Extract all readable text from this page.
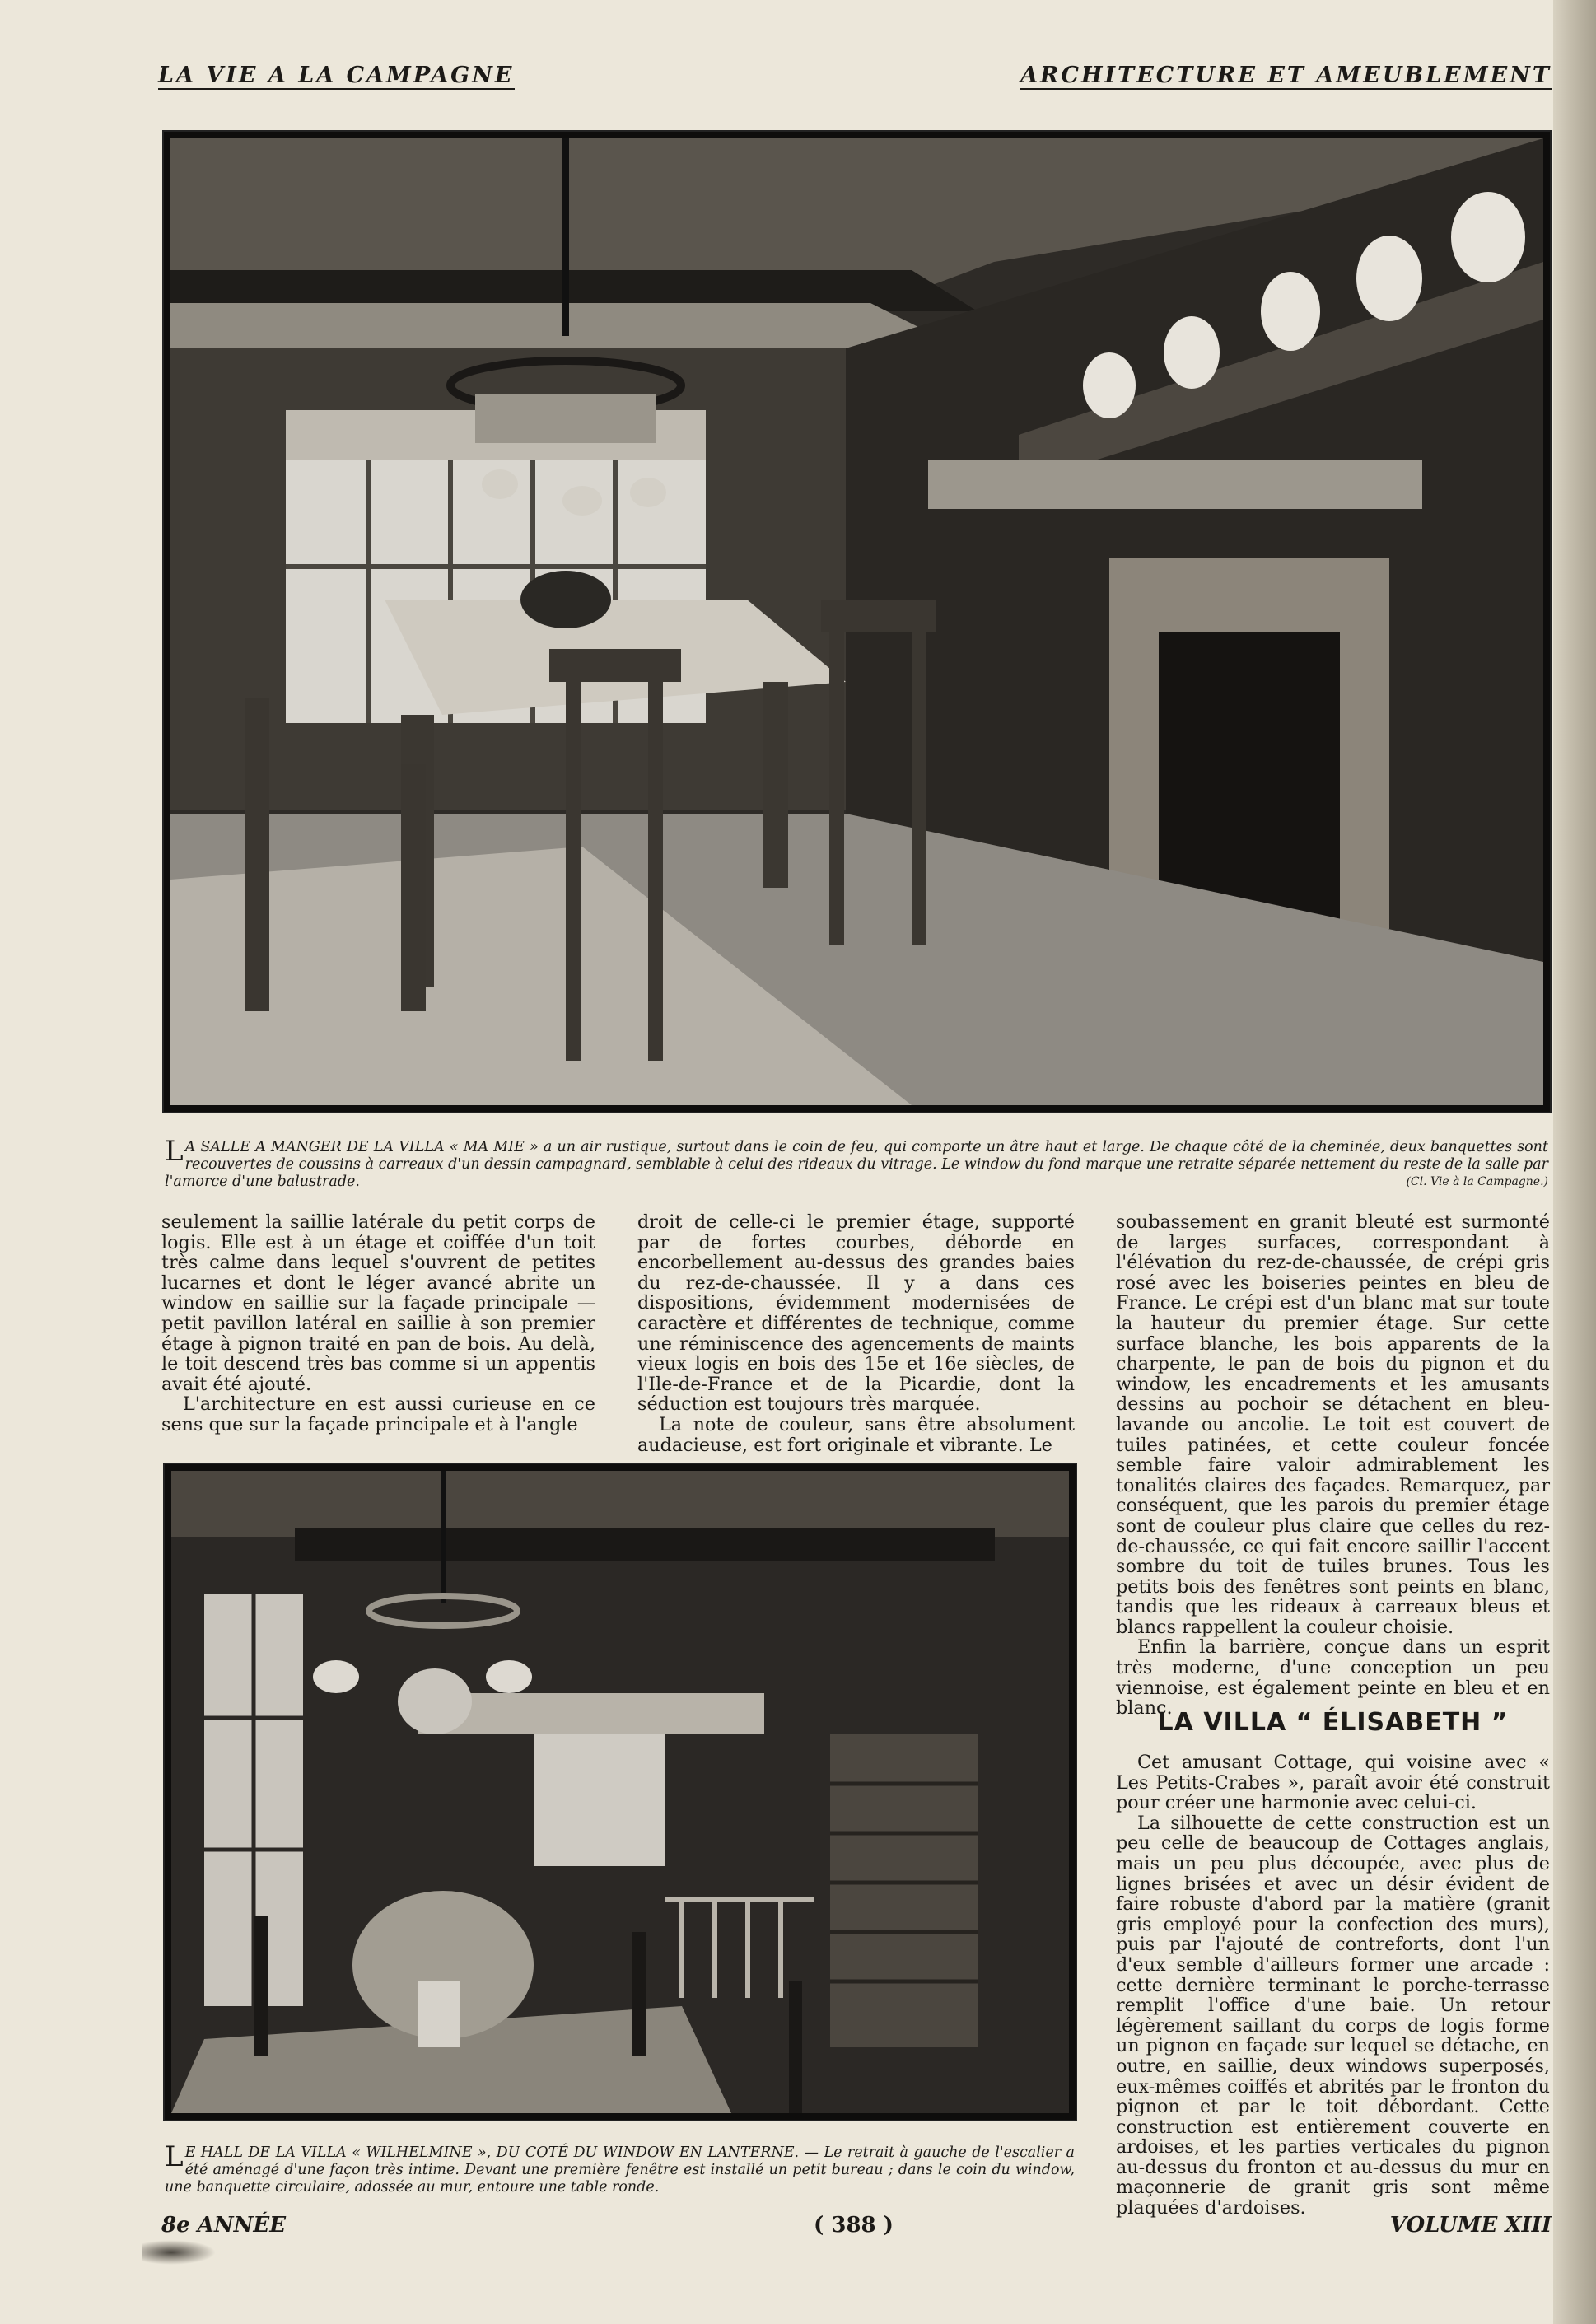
LA VIE A LA CAMPAGNE	ARCHITECTURE ET AMEUBLEMENT
L A SALLE A MANGER DE LA VILLA « MA MIE » a un air rustique, surtout dans le coin de feu, qui comporte un âtre haut et large. De chaque côté de la cheminée, deux banquettes sont recouvertes de coussins à carreaux d'un dessin campagnard, semblable à celui des rideaux du vitrage. Le window du fond marque une retraite séparée nettement du reste de la salle par l'amorce d'une balustrade.	(Cl. Vie à la Campagne.)

seulement la saillie latérale du petit corps de logis. Elle est à un étage et coiffée d'un toit très calme dans lequel s'ouvrent de petites lucarnes et dont le léger avancé abrite un window en saillie sur la façade principale — petit pavillon latéral en saillie à son premier étage à pignon traité en pan de bois. Au delà, le toit descend très bas comme si un appentis avait été ajouté.

L'architecture en est aussi curieuse en ce sens que sur la façade principale et à l'angle

droit de celle-ci le premier étage, supporté par de fortes courbes, déborde en encorbellement au-dessus des grandes baies du rez-de-chaussée. Il y a dans ces dispositions, évidemment modernisées de caractère et différentes de technique, comme une réminiscence des agencements de maints vieux logis en bois des 15e et 16e siècles, de l'Ile-de-France et de la Picardie, dont la séduction est toujours très marquée.

La note de couleur, sans être absolument audacieuse, est fort originale et vibrante. Le

soubassement en granit bleuté est surmonté de larges surfaces, correspondant à l'élévation du rez-de-chaussée, de crépi gris rosé avec les boiseries peintes en bleu de France. Le crépi est d'un blanc mat sur toute la hauteur du premier étage. Sur cette surface blanche, les bois apparents de la charpente, le pan de bois du pignon et du window, les encadrements et les amusants dessins au pochoir se détachent en bleu-lavande ou ancolie. Le toit est couvert de tuiles patinées, et cette couleur foncée semble faire valoir admirablement les tonalités claires des façades. Remarquez, par conséquent, que les parois du premier étage sont de couleur plus claire que celles du rez-de-chaussée, ce qui fait encore saillir l'accent sombre du toit de tuiles brunes. Tous les petits bois des fenêtres sont peints en blanc, tandis que les rideaux à carreaux bleus et blancs rappellent la couleur choisie.

Enfin la barrière, conçue dans un esprit très moderne, d'une conception un peu viennoise, est également peinte en bleu et en blanc.

LA VILLA “ ÉLISABETH ”

Cet amusant Cottage, qui voisine avec « Les Petits-Crabes », paraît avoir été construit pour créer une harmonie avec celui-ci.

La silhouette de cette construction est un peu celle de beaucoup de Cottages anglais, mais un peu plus découpée, avec plus de lignes brisées et avec un désir évident de faire robuste d'abord par la matière (granit gris employé pour la confection des murs), puis par l'ajouté de contreforts, dont l'un d'eux semble d'ailleurs former une arcade : cette dernière terminant le porche-terrasse remplit l'office d'une baie. Un retour légèrement saillant du corps de logis forme un pignon en façade sur lequel se détache, en outre, en saillie, deux windows superposés, eux-mêmes coiffés et abrités par le fronton du pignon et par le toit débordant. Cette construction est entièrement couverte en ardoises, et les parties verticales du pignon au-dessus du fronton et au-dessus du mur en maçonnerie de granit gris sont même plaquées d'ardoises.

L E HALL DE LA VILLA « WILHELMINE », DU COTÉ DU WINDOW EN LANTERNE. — Le retrait à gauche de l'escalier a été aménagé d'une façon très intime. Devant une première fenêtre est installé un petit bureau ; dans le coin du window, une banquette circulaire, adossée au mur, entoure une table ronde.
8e ANNÉE	( 388 )	VOLUME XIII
